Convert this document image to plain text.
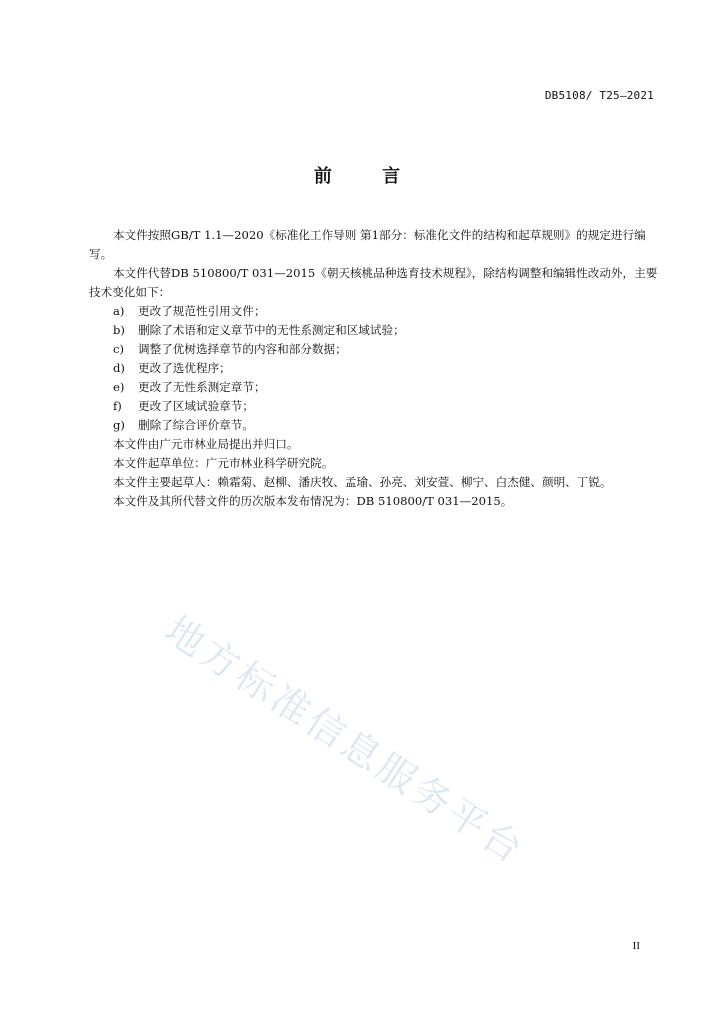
DB5108/ T25—2021
前 言

本文件按照GB/T 1.1—2020《标准化工作导则 第1部分：标准化文件的结构和起草规则》的规定进行编写。

本文件代替DB 510800/T 031—2015《朝天核桃品种选育技术规程》，除结构调整和编辑性改动外，主要技术变化如下：

a)	更改了规范性引用文件；
b)	删除了术语和定义章节中的无性系测定和区域试验；
c)	调整了优树选择章节的内容和部分数据；
d)	更改了选优程序；
e)	更改了无性系测定章节；
f)	更改了区域试验章节；
g)	删除了综合评价章节。

本文件由广元市林业局提出并归口。

本文件起草单位：广元市林业科学研究院。

本文件主要起草人：赖霜菊、赵柳、潘庆牧、孟瑜、孙亮、刘安萱、柳宁、白杰健、颜明、丁锐。

本文件及其所代替文件的历次版本发布情况为：DB 510800/T 031—2015。

地方标准信息服务平台
II
